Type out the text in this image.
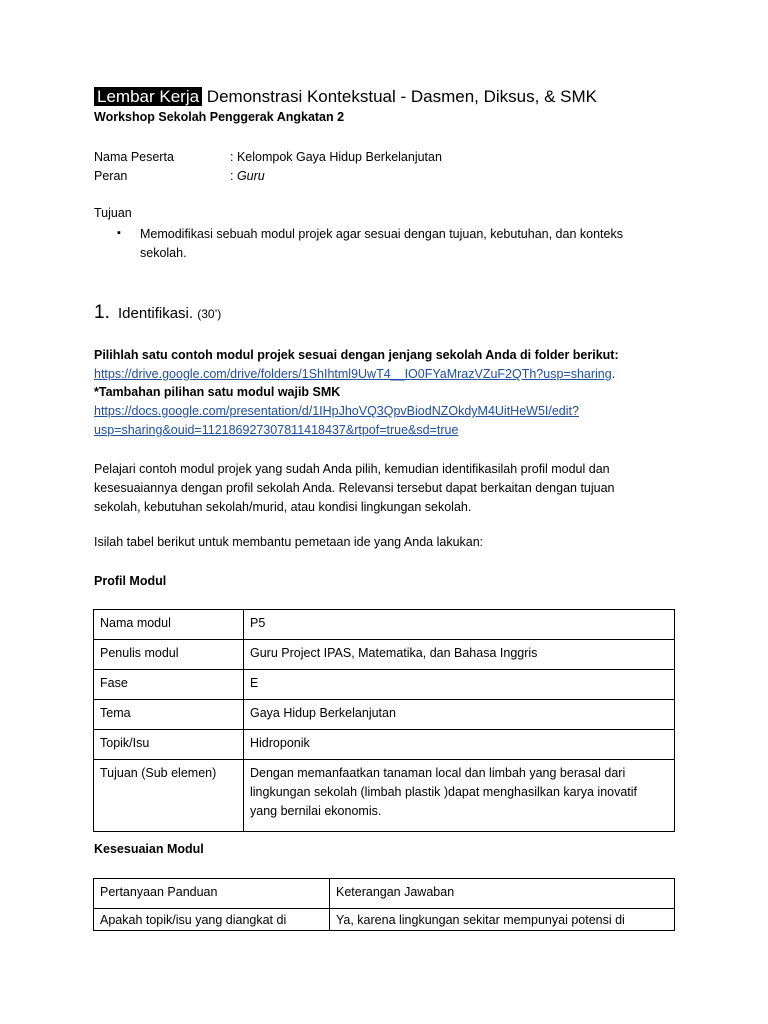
Lembar Kerja Demonstrasi Kontekstual - Dasmen, Diksus, & SMK
Workshop Sekolah Penggerak Angkatan 2
Nama Peserta	: Kelompok Gaya Hidup Berkelanjutan
Peran	: Guru
Tujuan
▪ Memodifikasi sebuah modul projek agar sesuai dengan tujuan, kebutuhan, dan konteks sekolah.
1. Identifikasi. (30’)
Pilihlah satu contoh modul projek sesuai dengan jenjang sekolah Anda di folder berikut:
https://drive.google.com/drive/folders/1ShIhtml9UwT4__IO0FYaMrazVZuF2QTh?usp=sharing.
*Tambahan pilihan satu modul wajib SMK
https://docs.google.com/presentation/d/1IHpJhoVQ3QpvBiodNZOkdyM4UitHeW5I/edit?
usp=sharing&ouid=112186927307811418437&rtpof=true&sd=true
Pelajari contoh modul projek yang sudah Anda pilih, kemudian identifikasilah profil modul dan kesesuaiannya dengan profil sekolah Anda. Relevansi tersebut dapat berkaitan dengan tujuan sekolah, kebutuhan sekolah/murid, atau kondisi lingkungan sekolah.
Isilah tabel berikut untuk membantu pemetaan ide yang Anda lakukan:
Profil Modul
Nama modul	P5
Penulis modul	Guru Project IPAS, Matematika, dan Bahasa Inggris
Fase	E
Tema	Gaya Hidup Berkelanjutan
Topik/Isu	Hidroponik
Tujuan (Sub elemen)	Dengan memanfaatkan tanaman local dan limbah yang berasal dari lingkungan sekolah (limbah plastik )dapat menghasilkan karya inovatif yang bernilai ekonomis.
Kesesuaian Modul
Pertanyaan Panduan	Keterangan Jawaban
Apakah topik/isu yang diangkat di	Ya, karena lingkungan sekitar mempunyai potensi di
